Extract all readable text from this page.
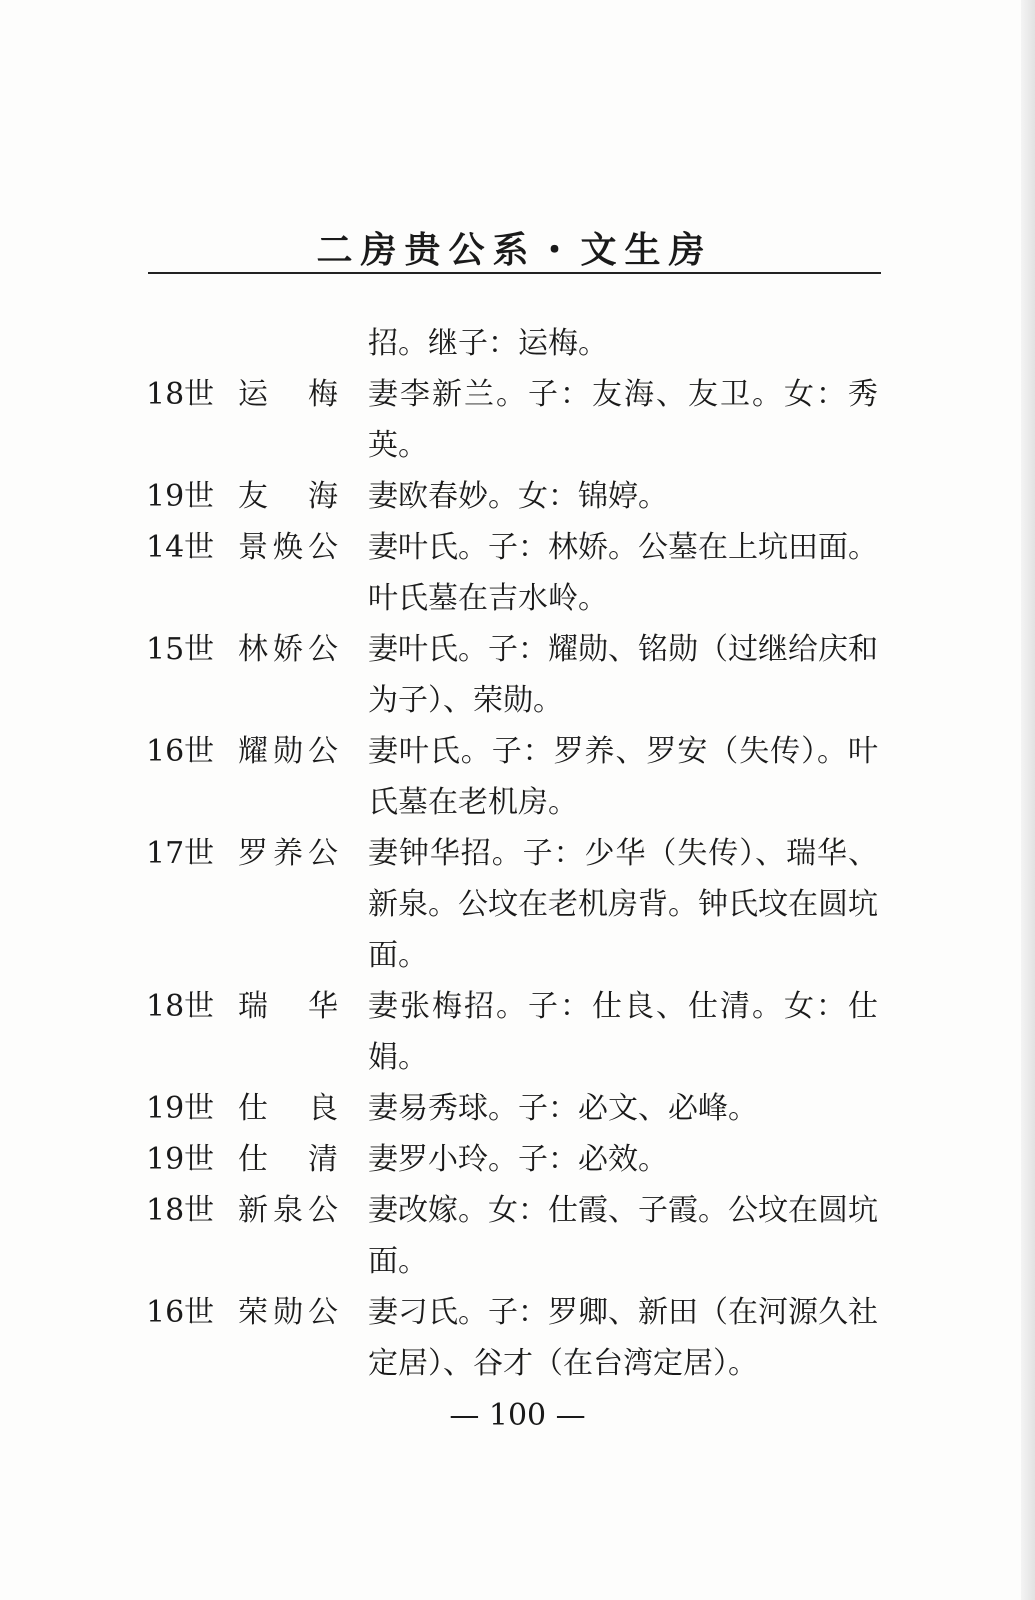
二房贵公系・文生房
招。继子：运梅。
18世 运梅 妻李新兰。子：友海、友卫。女：秀英。
19世 友海 妻欧春妙。女：锦婷。
14世 景焕公 妻叶氏。子：林娇。公墓在上坑田面。叶氏墓在吉水岭。
15世 林娇公 妻叶氏。子：耀勋、铭勋（过继给庆和为子）、荣勋。
16世 耀勋公 妻叶氏。子：罗养、罗安（失传）。叶氏墓在老机房。
17世 罗养公 妻钟华招。子：少华（失传）、瑞华、新泉。公坟在老机房背。钟氏坟在圆坑面。
18世 瑞华 妻张梅招。子：仕良、仕清。女：仕娟。
19世 仕良 妻易秀球。子：必文、必峰。
19世 仕清 妻罗小玲。子：必效。
18世 新泉公 妻改嫁。女：仕霞、子霞。公坟在圆坑面。
16世 荣勋公 妻刁氏。子：罗卿、新田（在河源久社定居）、谷才（在台湾定居）。
— 100 —
